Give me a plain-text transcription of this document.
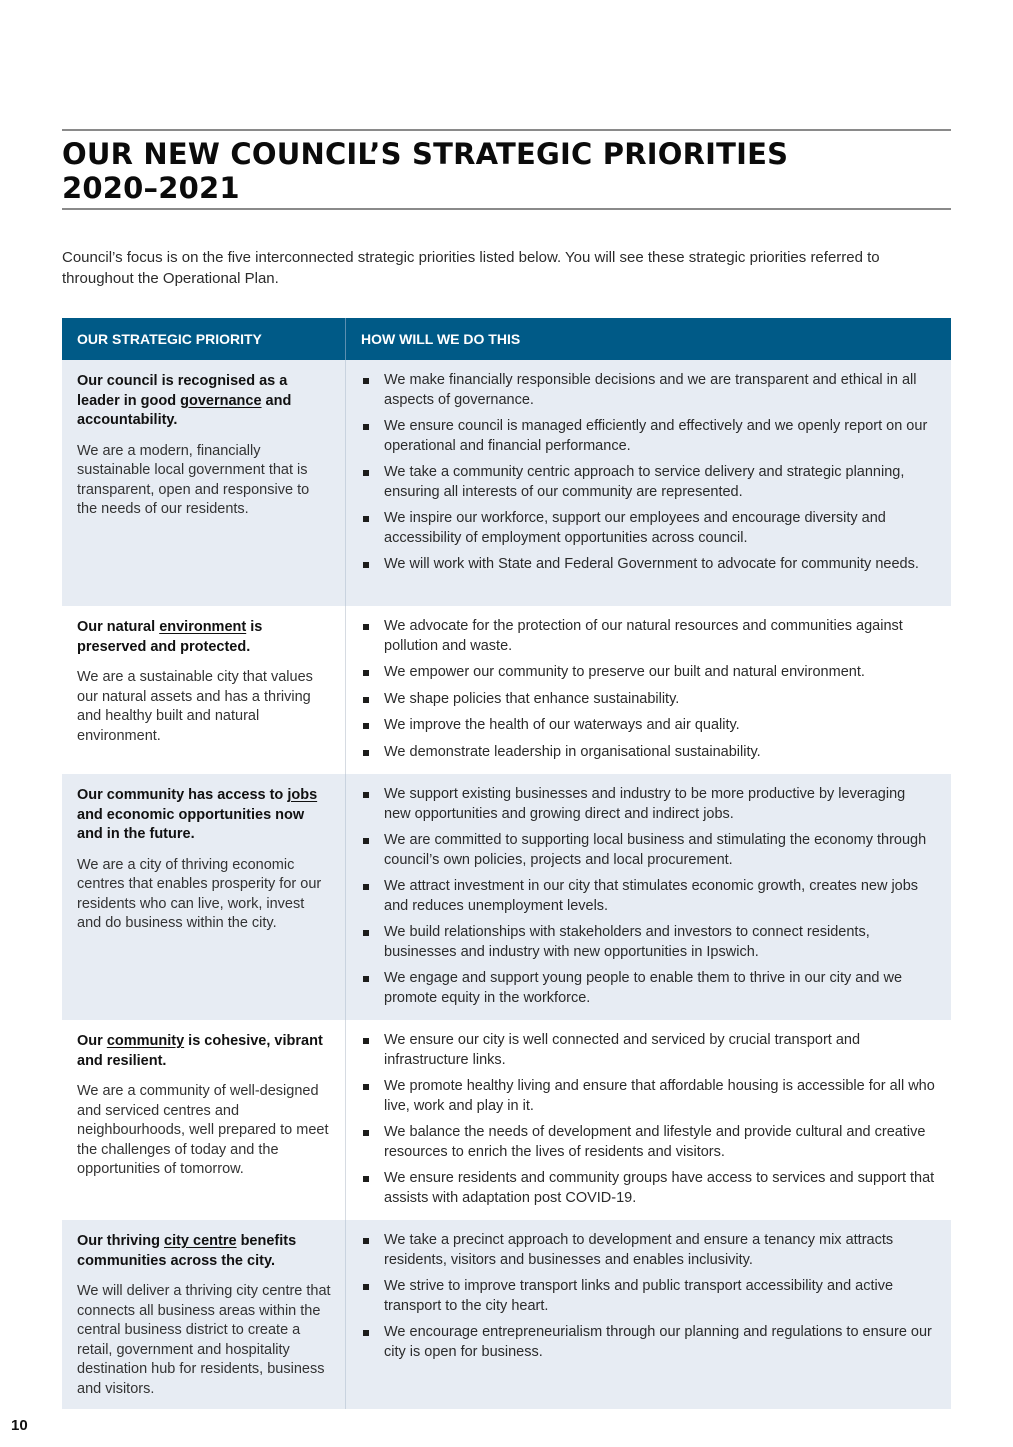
OUR NEW COUNCIL’S STRATEGIC PRIORITIES
2020–2021

Council’s focus is on the five interconnected strategic priorities listed below. You will see these strategic priorities referred to throughout the Operational Plan.

OUR STRATEGIC PRIORITY	HOW WILL WE DO THIS
Our council is recognised as a leader in good governance and accountability.

We are a modern, financially sustainable local government that is transparent, open and responsive to the needs of our residents.

We make financially responsible decisions and we are transparent and ethical in all aspects of governance.
We ensure council is managed efficiently and effectively and we openly report on our operational and financial performance.
We take a community centric approach to service delivery and strategic planning, ensuring all interests of our community are represented.
We inspire our workforce, support our employees and encourage diversity and accessibility of employment opportunities across council.
We will work with State and Federal Government to advocate for community needs.
Our natural environment is preserved and protected.

We are a sustainable city that values our natural assets and has a thriving and healthy built and natural environment.

We advocate for the protection of our natural resources and communities against pollution and waste.
We empower our community to preserve our built and natural environment.
We shape policies that enhance sustainability.
We improve the health of our waterways and air quality.
We demonstrate leadership in organisational sustainability.
Our community has access to jobs and economic opportunities now and in the future.

We are a city of thriving economic centres that enables prosperity for our residents who can live, work, invest and do business within the city.

We support existing businesses and industry to be more productive by leveraging new opportunities and growing direct and indirect jobs.
We are committed to supporting local business and stimulating the economy through council’s own policies, projects and local procurement.
We attract investment in our city that stimulates economic growth, creates new jobs and reduces unemployment levels.
We build relationships with stakeholders and investors to connect residents, businesses and industry with new opportunities in Ipswich.
We engage and support young people to enable them to thrive in our city and we promote equity in the workforce.
Our community is cohesive, vibrant and resilient.

We are a community of well-designed and serviced centres and neighbourhoods, well prepared to meet the challenges of today and the opportunities of tomorrow.

We ensure our city is well connected and serviced by crucial transport and infrastructure links.
We promote healthy living and ensure that affordable housing is accessible for all who live, work and play in it.
We balance the needs of development and lifestyle and provide cultural and creative resources to enrich the lives of residents and visitors.
We ensure residents and community groups have access to services and support that assists with adaptation post COVID-19.
Our thriving city centre benefits communities across the city.

We will deliver a thriving city centre that connects all business areas within the central business district to create a retail, government and hospitality destination hub for residents, business and visitors.

We take a precinct approach to development and ensure a tenancy mix attracts residents, visitors and businesses and enables inclusivity.
We strive to improve transport links and public transport accessibility and active transport to the city heart.
We encourage entrepreneurialism through our planning and regulations to ensure our city is open for business.
10
